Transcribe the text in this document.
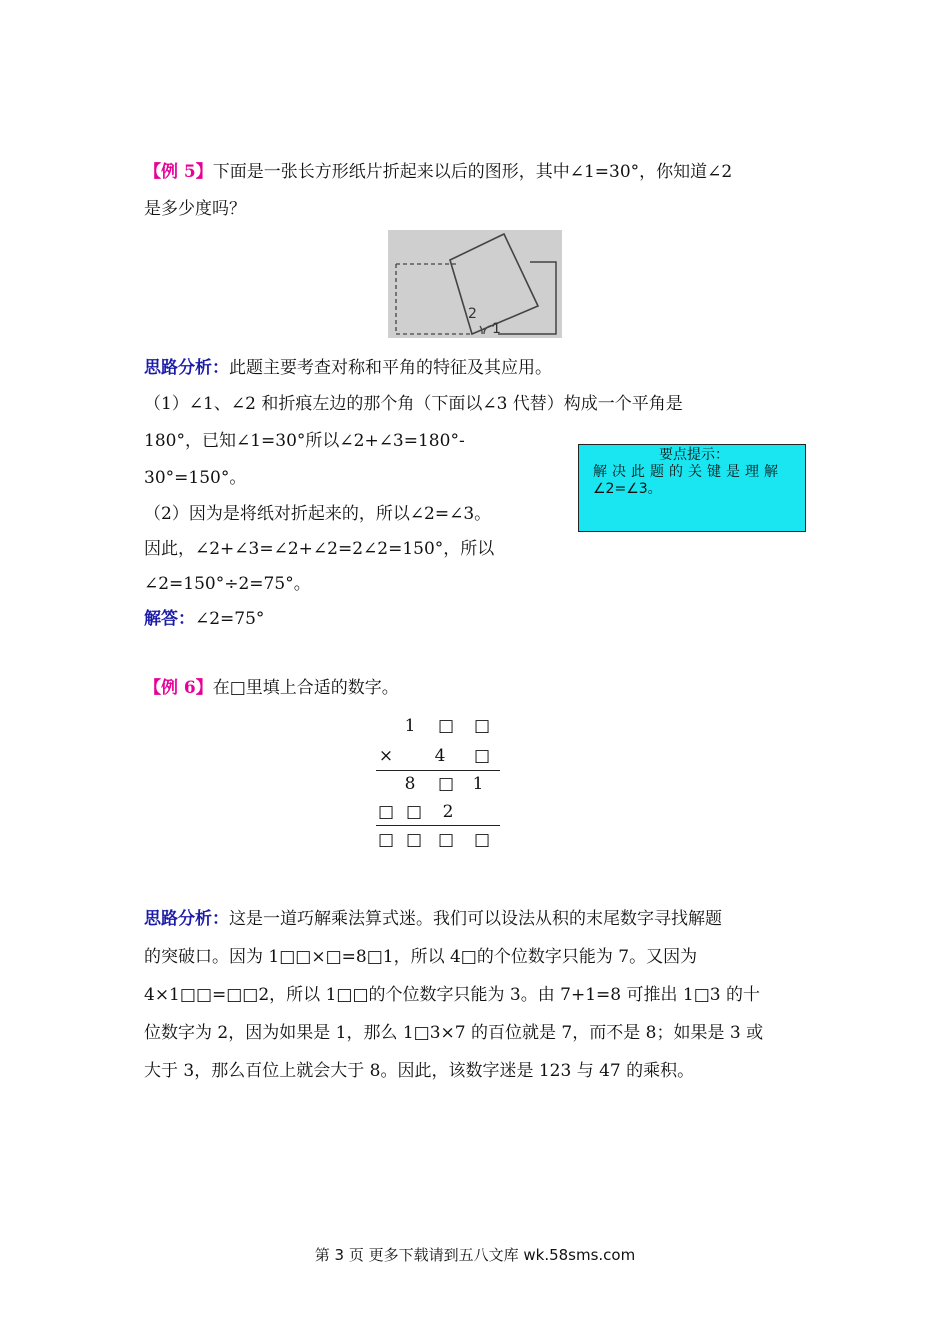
【例 5】下面是一张长方形纸片折起来以后的图形，其中∠1=30°，你知道∠2
是多少度吗？
2
1
思路分析：此题主要考查对称和平角的特征及其应用。
（1）∠1、∠2 和折痕左边的那个角（下面以∠3 代替）构成一个平角是
180°，已知∠1=30°所以∠2+∠3=180°-
30°=150°。
（2）因为是将纸对折起来的，所以∠2=∠3。
因此，∠2+∠3=∠2+∠2=2∠2=150°，所以
∠2=150°÷2=75°。
解答：∠2=75°
要点提示：
解决此题的关键是理解
∠2=∠3。
【例 6】在□里填上合适的数字。
1	□ □
×	4	□
8	□	1
□ □	2
□ □ □ □
思路分析：这是一道巧解乘法算式迷。我们可以设法从积的末尾数字寻找解题
的突破口。因为 1□□×□=8□1，所以 4□的个位数字只能为 7。又因为
4×1□□=□□2，所以 1□□的个位数字只能为 3。由 7+1=8 可推出 1□3 的十
位数字为 2，因为如果是 1，那么 1□3×7 的百位就是 7，而不是 8；如果是 3 或
大于 3，那么百位上就会大于 8。因此，该数字迷是 123 与 47 的乘积。
第 3 页 更多下载请到五八文库 wk.58sms.com
